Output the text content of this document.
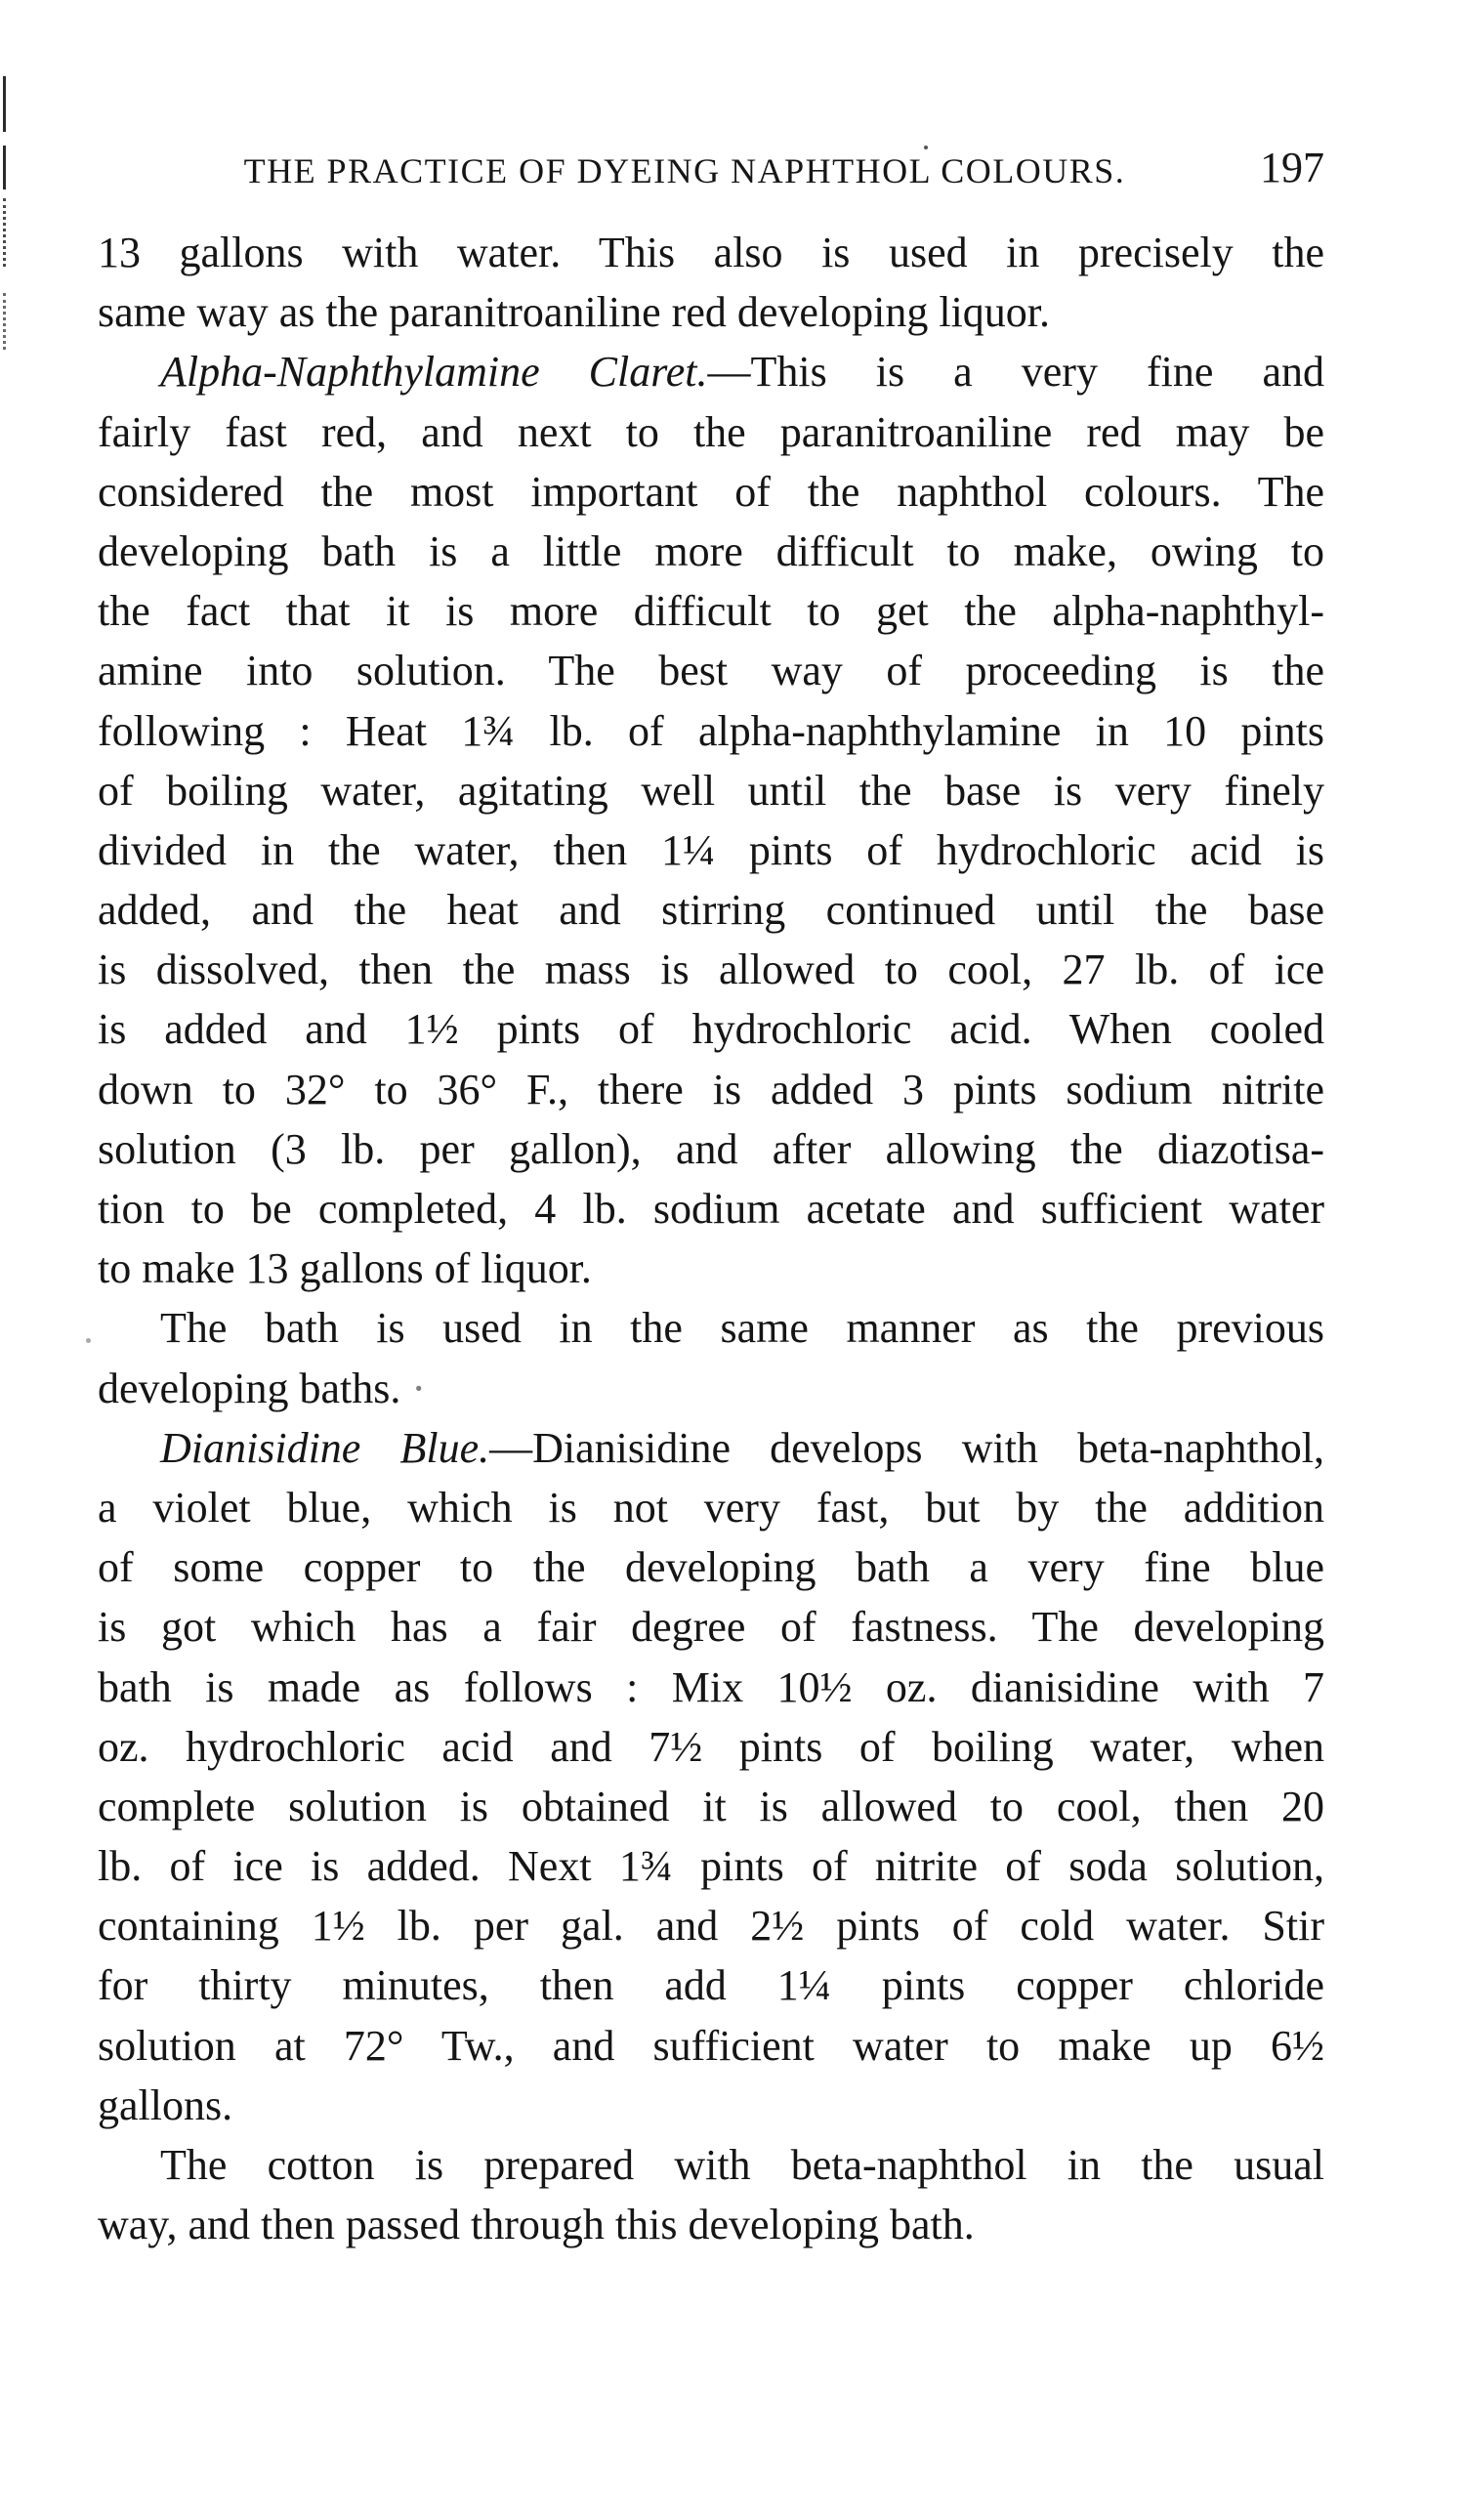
THE PRACTICE OF DYEING NAPHTHOL COLOURS.	197
13 gallons with water. This also is used in precisely the
same way as the paranitroaniline red developing liquor.
Alpha-Naphthylamine Claret.—This is a very fine and
fairly fast red, and next to the paranitroaniline red may be
considered the most important of the naphthol colours. The
developing bath is a little more difficult to make, owing to
the fact that it is more difficult to get the alpha-naphthyl-
amine into solution. The best way of proceeding is the
following : Heat 1¾ lb. of alpha-naphthylamine in 10 pints
of boiling water, agitating well until the base is very finely
divided in the water, then 1¼ pints of hydrochloric acid is
added, and the heat and stirring continued until the base
is dissolved, then the mass is allowed to cool, 27 lb. of ice
is added and 1½ pints of hydrochloric acid. When cooled
down to 32° to 36° F., there is added 3 pints sodium nitrite
solution (3 lb. per gallon), and after allowing the diazotisa-
tion to be completed, 4 lb. sodium acetate and sufficient water
to make 13 gallons of liquor.
The bath is used in the same manner as the previous
developing baths. ·
Dianisidine Blue.—Dianisidine develops with beta-naphthol,
a violet blue, which is not very fast, but by the addition
of some copper to the developing bath a very fine blue
is got which has a fair degree of fastness. The developing
bath is made as follows : Mix 10½ oz. dianisidine with 7
oz. hydrochloric acid and 7½ pints of boiling water, when
complete solution is obtained it is allowed to cool, then 20
lb. of ice is added. Next 1¾ pints of nitrite of soda solution,
containing 1½ lb. per gal. and 2½ pints of cold water. Stir
for thirty minutes, then add 1¼ pints copper chloride
solution at 72° Tw., and sufficient water to make up 6½
gallons.
The cotton is prepared with beta-naphthol in the usual
way, and then passed through this developing bath.
